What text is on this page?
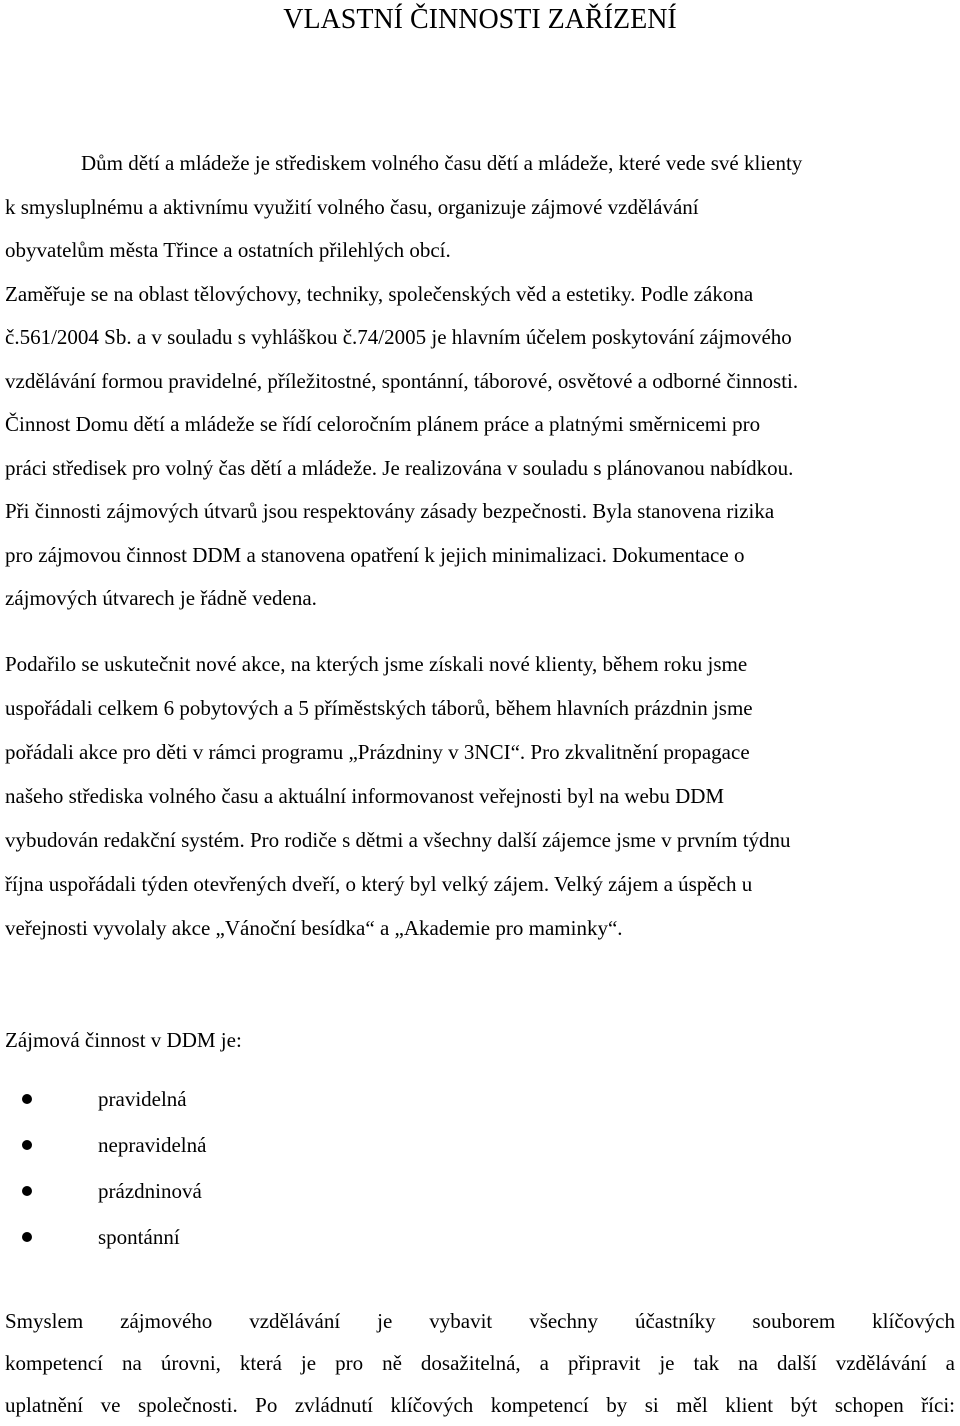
VLASTNÍ ČINNOSTI ZAŘÍZENÍ
Dům dětí a mládeže je střediskem volného času dětí a mládeže, které vede své klienty
k smysluplnému a aktivnímu využití volného času, organizuje zájmové vzdělávání
obyvatelům města Třince a ostatních přilehlých obcí.
Zaměřuje se na oblast tělovýchovy, techniky, společenských věd a estetiky. Podle zákona
č.561/2004 Sb. a v souladu s vyhláškou č.74/2005 je hlavním účelem poskytování zájmového
vzdělávání formou pravidelné, příležitostné, spontánní, táborové, osvětové a odborné činnosti.
Činnost Domu dětí a mládeže se řídí celoročním plánem práce a platnými směrnicemi pro
práci středisek pro volný čas dětí a mládeže. Je realizována v souladu s plánovanou nabídkou.
Při činnosti zájmových útvarů jsou respektovány zásady bezpečnosti. Byla stanovena rizika
pro zájmovou činnost DDM a stanovena opatření k jejich minimalizaci. Dokumentace o
zájmových útvarech je řádně vedena.
Podařilo se uskutečnit nové akce, na kterých jsme získali nové klienty, během roku jsme
uspořádali celkem 6 pobytových a 5 příměstských táborů, během hlavních prázdnin jsme
pořádali akce pro děti v rámci programu „Prázdniny v 3NCI“. Pro zkvalitnění propagace
našeho střediska volného času a aktuální informovanost veřejnosti byl na webu DDM
vybudován redakční systém. Pro rodiče s dětmi a všechny další zájemce jsme v prvním týdnu
října uspořádali týden otevřených dveří, o který byl velký zájem. Velký zájem a úspěch u
veřejnosti vyvolaly akce „Vánoční besídka“ a „Akademie pro maminky“.
Zájmová činnost v DDM je:
pravidelná
nepravidelná
prázdninová
spontánní
Smyslem zájmového vzdělávání je vybavit všechny účastníky souborem klíčových
kompetencí na úrovni, která je pro ně dosažitelná, a připravit je tak na další vzdělávání a
uplatnění ve společnosti. Po zvládnutí klíčových kompetencí by si měl klient být schopen říci:
